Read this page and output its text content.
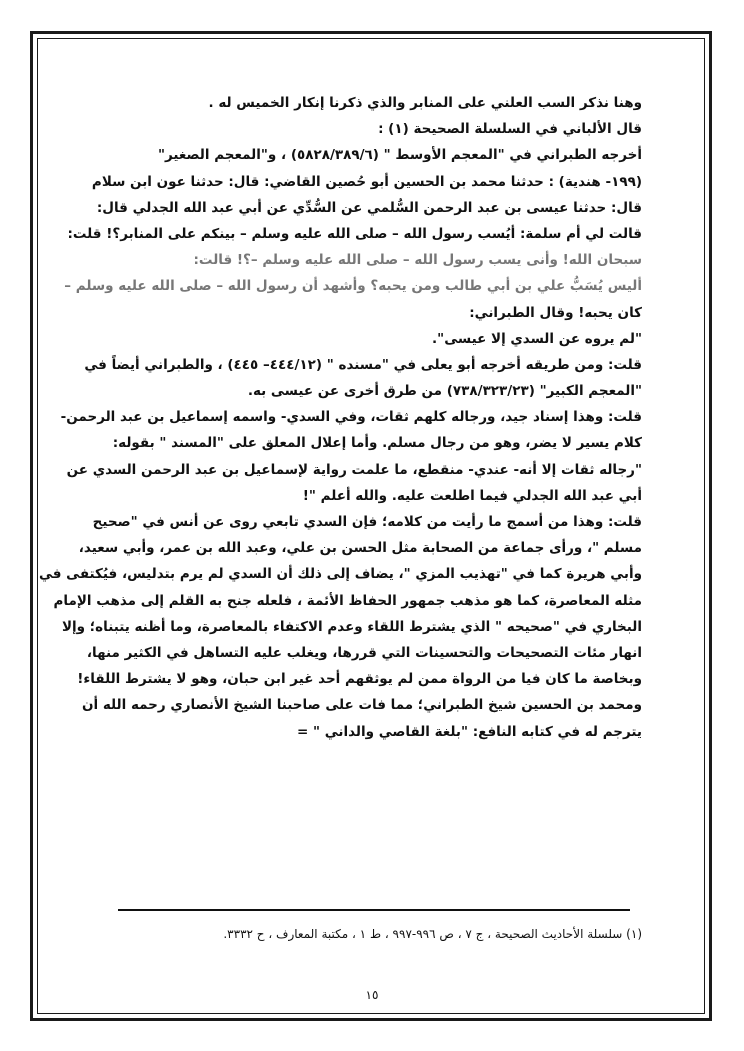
وهنا نذكر السب العلني على المنابر والذي ذكرنا إنكار الخميس له .
قال الألباني في السلسلة الصحيحة (١) :
أخرجه الطبراني في "المعجم الأوسط " (٥٨٢٨/٣٨٩/٦) ، و"المعجم الصغير"
(١٩٩- هندية) : حدثنا محمد بن الحسين أبو حُصين القاضي: قال: حدثنا عون ابن سلام
قال: حدثنا عيسى بن عبد الرحمن السُّلمي عن السُّدِّي عن أبي عبد الله الجدلي قال:
قالت لي أم سلمة: أيُسب رسول الله – صلى الله عليه وسلم – بينكم على المنابر؟! قلت:
سبحان الله! وأنى يسب رسول الله – صلى الله عليه وسلم –؟! قالت:
أليس يُسَبُّ علي بن أبي طالب ومن يحبه؟ وأشهد أن رسول الله – صلى الله عليه وسلم –
كان يحبه! وقال الطبراني:
"لم يروه عن السدي إلا عيسى".
قلت: ومن طريقه أخرجه أبو يعلى في "مسنده " (٤٤٤/١٢– ٤٤٥) ، والطبراني أيضاً في
"المعجم الكبير" (٧٣٨/٣٢٣/٢٣) من طرق أخرى عن عيسى به.
قلت: وهذا إسناد جيد، ورجاله كلهم ثقات، وفي السدي- واسمه إسماعيل بن عبد الرحمن-
كلام يسير لا يضر، وهو من رجال مسلم. وأما إعلال المعلق على "المسند " بقوله:
"رجاله ثقات إلا أنه- عندي- منقطع، ما علمت رواية لإسماعيل بن عبد الرحمن السدي عن
أبي عبد الله الجدلي فيما اطلعت عليه. والله أعلم "!
قلت: وهذا من أسمج ما رأيت من كلامه؛ فإن السدي تابعي روى عن أنس في "صحيح
مسلم "، ورأى جماعة من الصحابة مثل الحسن بن علي، وعبد الله بن عمر، وأبي سعيد،
وأبي هريرة كما في "تهذيب المزي "، يضاف إلى ذلك أن السدي لم يرم بتدليس، فيُكتفى في
مثله المعاصرة، كما هو مذهب جمهور الحفاظ الأئمة ، فلعله جنح به القلم إلى مذهب الإمام
البخاري في "صحيحه " الذي يشترط اللقاء وعدم الاكتفاء بالمعاصرة، وما أظنه يتبناه؛ وإلا
انهار مئات التصحيحات والتحسينات التي قررها، ويغلب عليه التساهل في الكثير منها،
وبخاصة ما كان فيا من الرواة ممن لم يوثقهم أحد غير ابن حبان، وهو لا يشترط اللقاء!
ومحمد بن الحسين شيخ الطبراني؛ مما فات على صاحبنا الشيخ الأنصاري رحمه الله أن
يترجم له في كتابه النافع: "بلغة القاصي والداني " =
(١) سلسلة الأحاديث الصحيحة ، ج ٧ ، ص ٩٩٦-٩٩٧ ، ط ١ ، مكتبة المعارف ، ح ٣٣٣٢.
١٥
